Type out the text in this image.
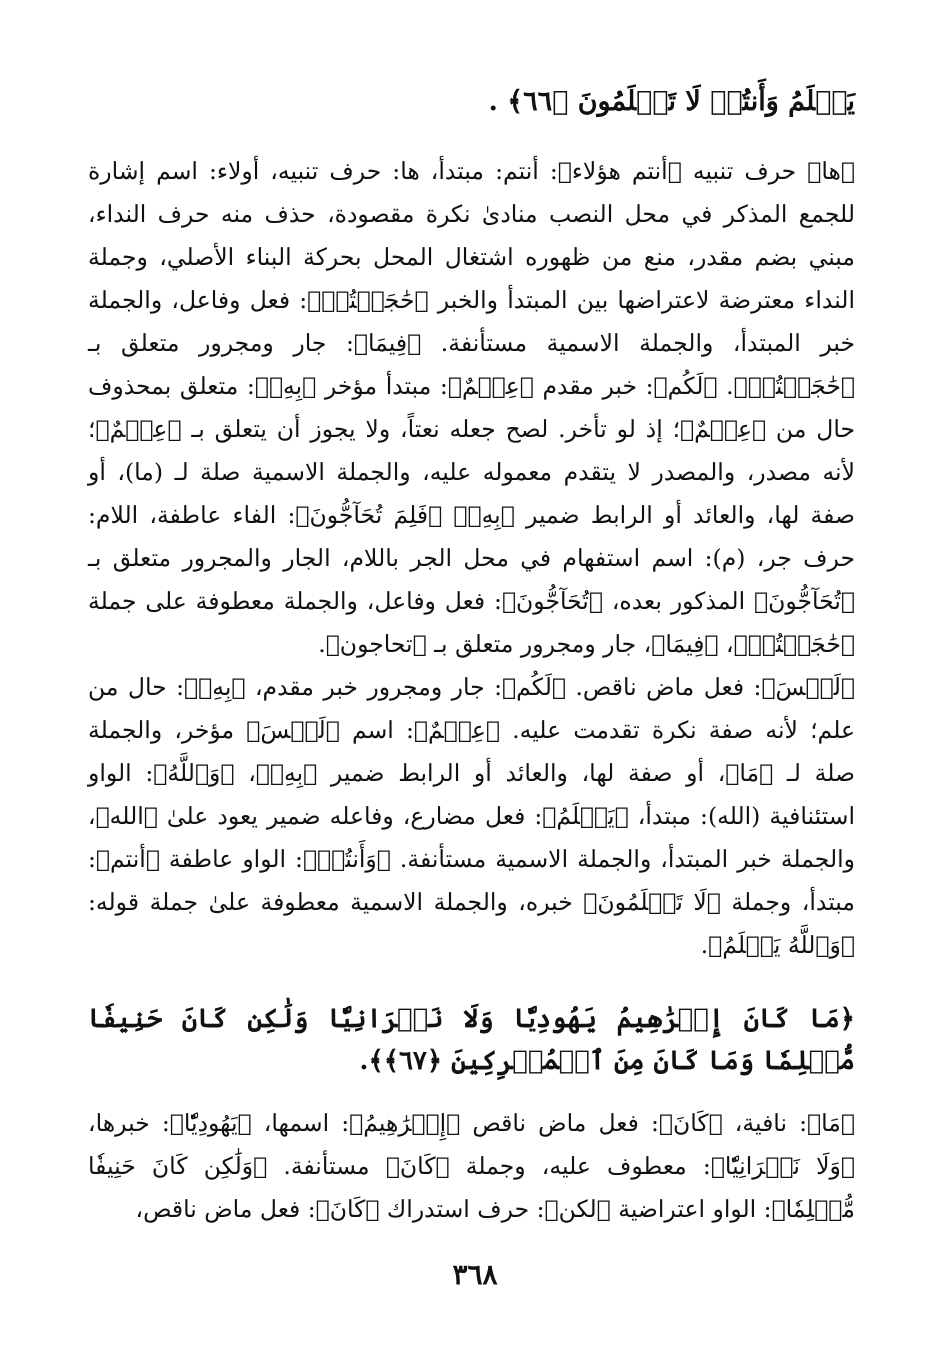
يَعۡلَمُ وَأَنتُمۡ لَا تَعۡلَمُونَ ﴿٦٦﴾ .

﴿ها﴾ حرف تنبيه ﴿أنتم هؤلاء﴾: أنتم: مبتدأ، ها: حرف تنبيه، أولاء: اسم إشارة للجمع المذكر في محل النصب منادىٰ نكرة مقصودة، حذف منه حرف النداء، مبني بضم مقدر، منع من ظهوره اشتغال المحل بحركة البناء الأصلي، وجملة النداء معترضة لاعتراضها بين المبتدأ والخبر ﴿حَٰجَجۡتُمۡ﴾: فعل وفاعل، والجملة خبر المبتدأ، والجملة الاسمية مستأنفة. ﴿فِيمَا﴾: جار ومجرور متعلق بـ ﴿حَٰجَجۡتُمۡ﴾. ﴿لَكُم﴾: خبر مقدم ﴿عِلۡمٌ﴾: مبتدأ مؤخر ﴿بِهِۦ﴾: متعلق بمحذوف حال من ﴿عِلۡمٌ﴾؛ إذ لو تأخر. لصح جعله نعتاً، ولا يجوز أن يتعلق بـ ﴿عِلۡمٌ﴾؛ لأنه مصدر، والمصدر لا يتقدم معموله عليه، والجملة الاسمية صلة لـ (ما)، أو صفة لها، والعائد أو الرابط ضمير ﴿بِهِۦ﴾ ﴿فَلِمَ تُحَآجُّونَ﴾: الفاء عاطفة، اللام: حرف جر، (م): اسم استفهام في محل الجر باللام، الجار والمجرور متعلق بـ ﴿تُحَآجُّونَ﴾ المذكور بعده، ﴿تُحَآجُّونَ﴾: فعل وفاعل، والجملة معطوفة على جملة ﴿حَٰجَجۡتُمۡ﴾، ﴿فِيمَا﴾، جار ومجرور متعلق بـ ﴿تحاجون﴾.

﴿لَيۡسَ﴾: فعل ماض ناقص. ﴿لَكُم﴾: جار ومجرور خبر مقدم، ﴿بِهِۦ﴾: حال من علم؛ لأنه صفة نكرة تقدمت عليه. ﴿عِلۡمٌ﴾: اسم ﴿لَيۡسَ﴾ مؤخر، والجملة صلة لـ ﴿مَا﴾، أو صفة لها، والعائد أو الرابط ضمير ﴿بِهِۦ﴾، ﴿وَٱللَّهُ﴾: الواو استئنافية (الله): مبتدأ، ﴿يَعۡلَمُ﴾: فعل مضارع، وفاعله ضمير يعود علىٰ ﴿الله﴾، والجملة خبر المبتدأ، والجملة الاسمية مستأنفة. ﴿وَأَنتُمۡ﴾: الواو عاطفة ﴿أنتم﴾: مبتدأ، وجملة ﴿لَا تَعۡلَمُونَ﴾ خبره، والجملة الاسمية معطوفة علىٰ جملة قوله: ﴿وَٱللَّهُ يَعۡلَمُ﴾.

﴿مَا كَانَ إِبۡرَٰهِيمُ يَهُودِيّٗا وَلَا نَصۡرَانِيّٗا وَلَٰكِن كَانَ حَنِيفٗا مُّسۡلِمٗا وَمَا كَانَ مِنَ ٱلۡمُشۡرِكِينَ ﴿٦٧﴾﴾.

﴿مَا﴾: نافية، ﴿كَانَ﴾: فعل ماض ناقص ﴿إِبۡرَٰهِيمُ﴾: اسمها، ﴿يَهُودِيّٗا﴾: خبرها، ﴿وَلَا نَصۡرَانِيّٗا﴾: معطوف عليه، وجملة ﴿كَانَ﴾ مستأنفة. ﴿وَلَٰكِن كَانَ حَنِيفٗا مُّسۡلِمٗا﴾: الواو اعتراضية ﴿لكن﴾: حرف استدراك ﴿كَانَ﴾: فعل ماض ناقص،

٣٦٨
